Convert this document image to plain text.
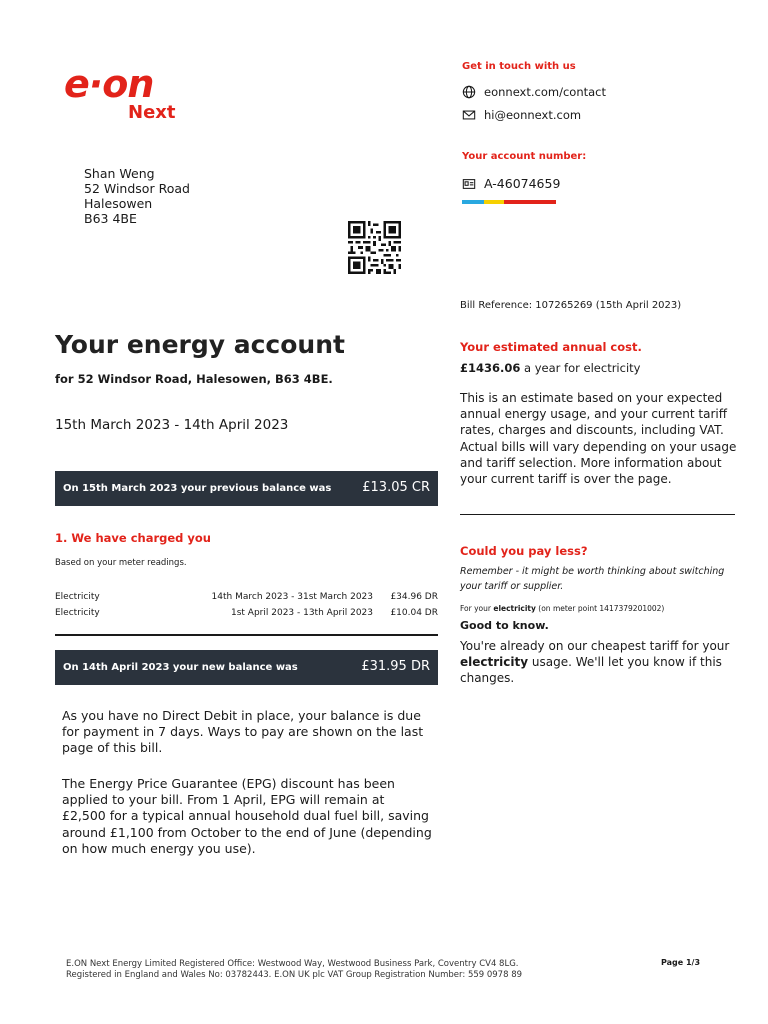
e·on
Next
Shan Weng
52 Windsor Road
Halesowen
B63 4BE
Get in touch with us
eonnext.com/contact
hi@eonnext.com
Your account number:
A-46074659
Bill Reference: 107265269 (15th April 2023)
Your energy account
for 52 Windsor Road, Halesowen, B63 4BE.
15th March 2023 - 14th April 2023
On 15th March 2023 your previous balance was £13.05 CR
1. We have charged you
Based on your meter readings.
Electricity	14th March 2023 - 31st March 2023 £34.96 DR
Electricity	1st April 2023 - 13th April 2023 £10.04 DR
On 14th April 2023 your new balance was	£31.95 DR
As you have no Direct Debit in place, your balance is due for payment in 7 days. Ways to pay are shown on the last page of this bill.
The Energy Price Guarantee (EPG) discount has been applied to your bill. From 1 April, EPG will remain at £2,500 for a typical annual household dual fuel bill, saving around £1,100 from October to the end of June (depending on how much energy you use).
Your estimated annual cost.
£1436.06 a year for electricity
This is an estimate based on your expected annual energy usage, and your current tariff rates, charges and discounts, including VAT. Actual bills will vary depending on your usage and tariff selection. More information about your current tariff is over the page.
Could you pay less?
Remember - it might be worth thinking about switching your tariff or supplier.
For your electricity (on meter point 1417379201002)
Good to know.
You're already on our cheapest tariff for your electricity usage. We'll let you know if this changes.
E.ON Next Energy Limited Registered Office: Westwood Way, Westwood Business Park, Coventry CV4 8LG.
Registered in England and Wales No: 03782443. E.ON UK plc VAT Group Registration Number: 559 0978 89
Page 1/3
